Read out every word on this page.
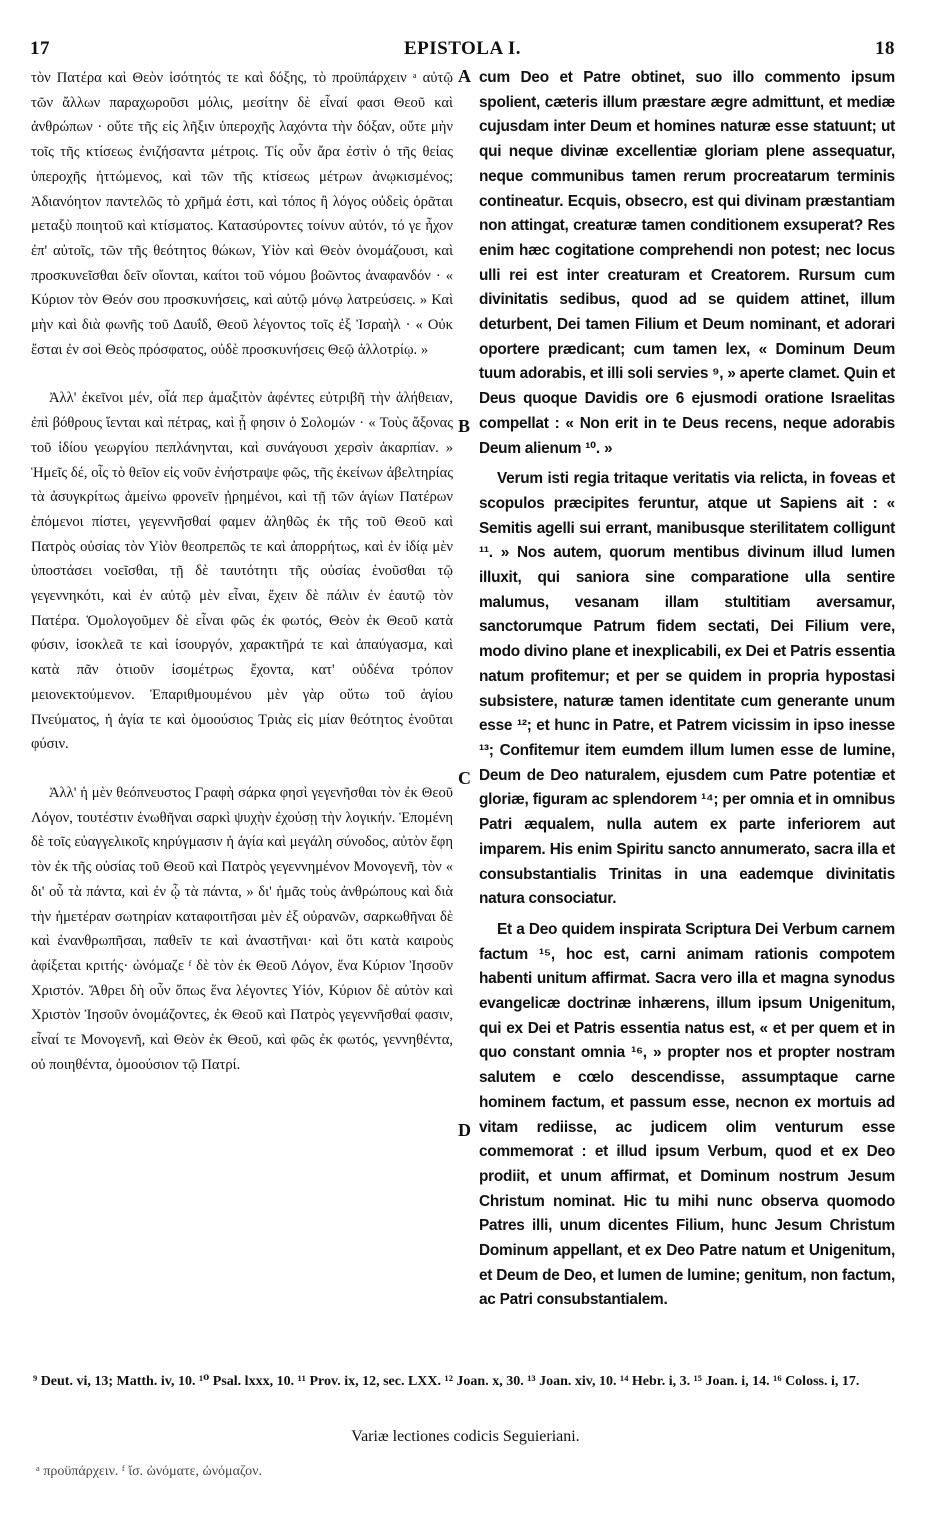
17	EPISTOLA I.	18

τὸν Πατέρα καὶ Θεὸν ἰσότητός τε καὶ δόξης, τὸ προϋπάρχειν ᵃ αὐτῷ τῶν ἄλλων παραχωροῦσι μόλις, μεσίτην δὲ εἶναί φασι Θεοῦ καὶ ἀνθρώπων · οὔτε τῆς εἰς λῆξιν ὑπεροχῆς λαχόντα τὴν δόξαν, οὔτε μὴν τοῖς τῆς κτίσεως ἐνιζήσαντα μέτροις. Τίς οὖν ἄρα ἐστὶν ὁ τῆς θείας ὑπεροχῆς ἡττώμενος, καὶ τῶν τῆς κτίσεως μέτρων ἀνῳκισμένος; Ἀδιανόητον παντελῶς τὸ χρῆμά ἐστι, καὶ τόπος ἢ λόγος οὐδεὶς ὁρᾶται μεταξὺ ποιητοῦ καὶ κτίσματος. Κατασύροντες τοίνυν αὐτόν, τό γε ἦχον ἐπ' αὐτοῖς, τῶν τῆς θεότητος θώκων, Υἱὸν καὶ Θεὸν ὀνομάζουσι, καὶ προσκυνεῖσθαι δεῖν οἴονται, καίτοι τοῦ νόμου βοῶντος ἀναφανδόν · « Κύριον τὸν Θεόν σου προσκυνήσεις, καὶ αὐτῷ μόνῳ λατρεύσεις. » Καὶ μὴν καὶ διὰ φωνῆς τοῦ Δαυΐδ, Θεοῦ λέγοντος τοῖς ἐξ Ἰσραὴλ · « Οὐκ ἔσται ἐν σοὶ Θεὸς πρόσφατος, οὐδὲ προσκυνήσεις Θεῷ ἀλλοτρίῳ. »

Ἀλλ' ἐκεῖνοι μέν, οἷά περ ἁμαξιτὸν ἀφέντες εὐτριβῆ τὴν ἀλήθειαν, ἐπὶ βόθρους ἵενται καὶ πέτρας, καὶ ᾗ φησιν ὁ Σολομών · « Τοὺς ἄξονας τοῦ ἰδίου γεωργίου πεπλάνηνται, καὶ συνάγουσι χερσὶν ἀκαρπίαν. » Ἡμεῖς δέ, οἷς τὸ θεῖον εἰς νοῦν ἐνήστραψε φῶς, τῆς ἐκείνων ἀβελτηρίας τὰ ἀσυγκρίτως ἀμείνω φρονεῖν ᾐρημένοι, καὶ τῇ τῶν ἁγίων Πατέρων ἑπόμενοι πίστει, γεγεννῆσθαί φαμεν ἀληθῶς ἐκ τῆς τοῦ Θεοῦ καὶ Πατρὸς οὐσίας τὸν Υἱὸν θεοπρεπῶς τε καὶ ἀπορρήτως, καὶ ἐν ἰδίᾳ μὲν ὑποστάσει νοεῖσθαι, τῇ δὲ ταυτότητι τῆς οὐσίας ἑνοῦσθαι τῷ γεγεννηκότι, καὶ ἐν αὐτῷ μὲν εἶναι, ἔχειν δὲ πάλιν ἐν ἑαυτῷ τὸν Πατέρα. Ὁμολογοῦμεν δὲ εἶναι φῶς ἐκ φωτός, Θεὸν ἐκ Θεοῦ κατὰ φύσιν, ἰσοκλεᾶ τε καὶ ἰσουργόν, χαρακτῆρά τε καὶ ἀπαύγασμα, καὶ κατὰ πᾶν ὁτιοῦν ἰσομέτρως ἔχοντα, κατ' οὐδένα τρόπον μειονεκτούμενον. Ἐπαριθμουμένου μὲν γὰρ οὕτω τοῦ ἁγίου Πνεύματος, ἡ ἁγία τε καὶ ὁμοούσιος Τριὰς εἰς μίαν θεότητος ἑνοῦται φύσιν.

Ἀλλ' ἡ μὲν θεόπνευστος Γραφὴ σάρκα φησὶ γεγενῆσθαι τὸν ἐκ Θεοῦ Λόγον, τουτέστιν ἑνωθῆναι σαρκὶ ψυχὴν ἐχούσῃ τὴν λογικήν. Ἑπομένη δὲ τοῖς εὐαγγελικοῖς κηρύγμασιν ἡ ἁγία καὶ μεγάλη σύνοδος, αὐτὸν ἔφη τὸν ἐκ τῆς οὐσίας τοῦ Θεοῦ καὶ Πατρὸς γεγεννημένον Μονογενῆ, τὸν « δι' οὗ τὰ πάντα, καὶ ἐν ᾧ τὰ πάντα, » δι' ἡμᾶς τοὺς ἀνθρώπους καὶ διὰ τὴν ἡμετέραν σωτηρίαν καταφοιτῆσαι μὲν ἐξ οὐρανῶν, σαρκωθῆναι δὲ καὶ ἐνανθρωπῆσαι, παθεῖν τε καὶ ἀναστῆναι· καὶ ὅτι κατὰ καιροὺς ἀφίξεται κριτής· ὠνόμαζε ᶠ δὲ τὸν ἐκ Θεοῦ Λόγον, ἕνα Κύριον Ἰησοῦν Χριστόν. Ἄθρει δὴ οὖν ὅπως ἕνα λέγοντες Υἱόν, Κύριον δὲ αὐτὸν καὶ Χριστὸν Ἰησοῦν ὀνομάζοντες, ἐκ Θεοῦ καὶ Πατρὸς γεγεννῆσθαί φασιν, εἶναί τε Μονογενῆ, καὶ Θεὸν ἐκ Θεοῦ, καὶ φῶς ἐκ φωτός, γεννηθέντα, οὐ ποιηθέντα, ὁμοούσιον τῷ Πατρί.

A
B
C
D

cum Deo et Patre obtinet, suo illo commento ipsum spolient, cæteris illum præstare ægre admittunt, et mediæ cujusdam inter Deum et homines naturæ esse statuunt; ut qui neque divinæ excellentiæ gloriam plene assequatur, neque communibus tamen rerum procreatarum terminis contineatur. Ecquis, obsecro, est qui divinam præstantiam non attingat, creaturæ tamen conditionem exsuperat? Res enim hæc cogitatione comprehendi non potest; nec locus ulli rei est inter creaturam et Creatorem. Rursum cum divinitatis sedibus, quod ad se quidem attinet, illum deturbent, Dei tamen Filium et Deum nominant, et adorari oportere prædicant; cum tamen lex, « Dominum Deum tuum adorabis, et illi soli servies ⁹, » aperte clamet. Quin et Deus quoque Davidis ore 6 ejusmodi oratione Israelitas compellat : « Non erit in te Deus recens, neque adorabis Deum alienum ¹⁰. »

Verum isti regia tritaque veritatis via relicta, in foveas et scopulos præcipites feruntur, atque ut Sapiens ait : « Semitis agelli sui errant, manibusque sterilitatem colligunt ¹¹. » Nos autem, quorum mentibus divinum illud lumen illuxit, qui saniora sine comparatione ulla sentire malumus, vesanam illam stultitiam aversamur, sanctorumque Patrum fidem sectati, Dei Filium vere, modo divino plane et inexplicabili, ex Dei et Patris essentia natum profitemur; et per se quidem in propria hypostasi subsistere, naturæ tamen identitate cum generante unum esse ¹²; et hunc in Patre, et Patrem vicissim in ipso inesse ¹³; Confitemur item eumdem illum lumen esse de lumine, Deum de Deo naturalem, ejusdem cum Patre potentiæ et gloriæ, figuram ac splendorem ¹⁴; per omnia et in omnibus Patri æqualem, nulla autem ex parte inferiorem aut imparem. His enim Spiritu sancto annumerato, sacra illa et consubstantialis Trinitas in una eademque divinitatis natura consociatur.

Et a Deo quidem inspirata Scriptura Dei Verbum carnem factum ¹⁵, hoc est, carni animam rationis compotem habenti unitum affirmat. Sacra vero illa et magna synodus evangelicæ doctrinæ inhærens, illum ipsum Unigenitum, qui ex Dei et Patris essentia natus est, « et per quem et in quo constant omnia ¹⁶, » propter nos et propter nostram salutem e cœlo descendisse, assumptaque carne hominem factum, et passum esse, necnon ex mortuis ad vitam rediisse, ac judicem olim venturum esse commemorat : et illud ipsum Verbum, quod et ex Deo prodiit, et unum affirmat, et Dominum nostrum Jesum Christum nominat. Hic tu mihi nunc observa quomodo Patres illi, unum dicentes Filium, hunc Jesum Christum Dominum appellant, et ex Deo Patre natum et Unigenitum, et Deum de Deo, et lumen de lumine; genitum, non factum, ac Patri consubstantialem.

⁹ Deut. vi, 13; Matth. iv, 10. ¹⁰ Psal. lxxx, 10. ¹¹ Prov. ix, 12, sec. LXX. ¹² Joan. x, 30. ¹³ Joan. xiv, 10. ¹⁴ Hebr. i, 3. ¹⁵ Joan. i, 14. ¹⁶ Coloss. i, 17.
Variæ lectiones codicis Seguieriani.
ᵃ προϋπάρχειν. ᶠ ἴσ. ὠνόματε, ὠνόμαζον.
